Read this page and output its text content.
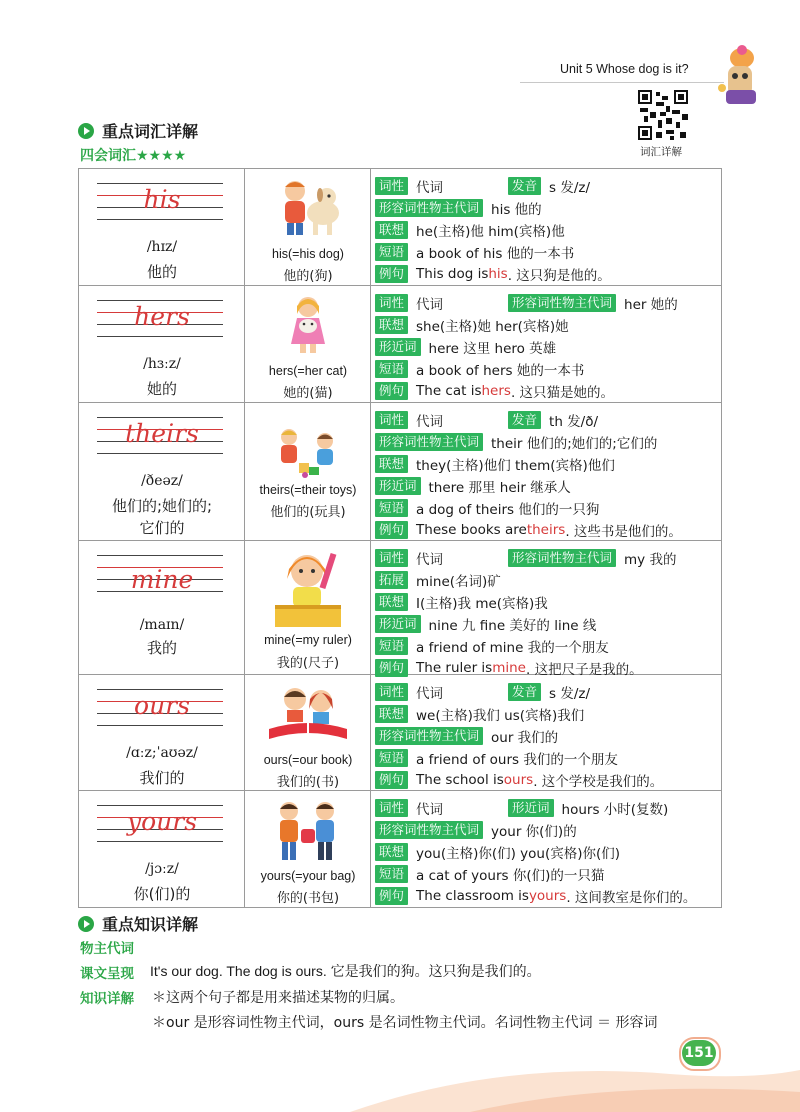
Unit 5 Whose dog is it?
词汇详解
重点词汇详解
四会词汇★★★★
his
/hɪz/
他的
his(=his dog)
他的(狗)
词性 代词	发音 s 发/z/
形容词性物主代词 his 他的
联想 he(主格)他 him(宾格)他
短语 a book of his 他的一本书
例句 This dog is his . 这只狗是他的。
hers
/hɜːz/
她的
hers(=her cat)
她的(猫)
词性 代词	形容词性物主代词 her 她的
联想 she(主格)她 her(宾格)她
形近词 here 这里 hero 英雄
短语 a book of hers 她的一本书
例句 The cat is hers . 这只猫是她的。
theirs
/ðeəz/
他们的;她们的;
它们的
theirs(=their toys)
他们的(玩具)
词性 代词	发音 th 发/ð/
形容词性物主代词 their 他们的;她们的;它们的
联想 they(主格)他们 them(宾格)他们
形近词 there 那里 heir 继承人
短语 a dog of theirs 他们的一只狗
例句 These books are theirs . 这些书是他们的。
mine
/maɪn/
我的	mine(=my ruler)
我的(尺子)
词性 代词	形容词性物主代词 my 我的
拓展 mine(名词)矿
联想 I(主格)我 me(宾格)我
形近词 nine 九 fine 美好的 line 线
短语 a friend of mine 我的一个朋友
例句 The ruler is mine . 这把尺子是我的。
ours
/ɑːz;ˈaʊəz/
我们的
ours(=our book)
我们的(书)
词性 代词	发音 s 发/z/
联想 we(主格)我们 us(宾格)我们
形容词性物主代词 our 我们的
短语 a friend of ours 我们的一个朋友
例句 The school is ours . 这个学校是我们的。
yours
/jɔːz/
你(们)的
yours(=your bag)
你的(书包)
词性 代词	形近词 hours 小时(复数)
形容词性物主代词 your 你(们)的
联想 you(主格)你(们) you(宾格)你(们)
短语 a cat of yours 你(们)的一只猫
例句 The classroom is yours . 这间教室是你们的。
重点知识详解
物主代词
课文呈现 It's our dog. The dog is ours. 它是我们的狗。这只狗是我们的。
知识详解 ＊这两个句子都是用来描述某物的归属。
＊our 是形容词性物主代词，ours 是名词性物主代词。名词性物主代词 ＝ 形容词
151
